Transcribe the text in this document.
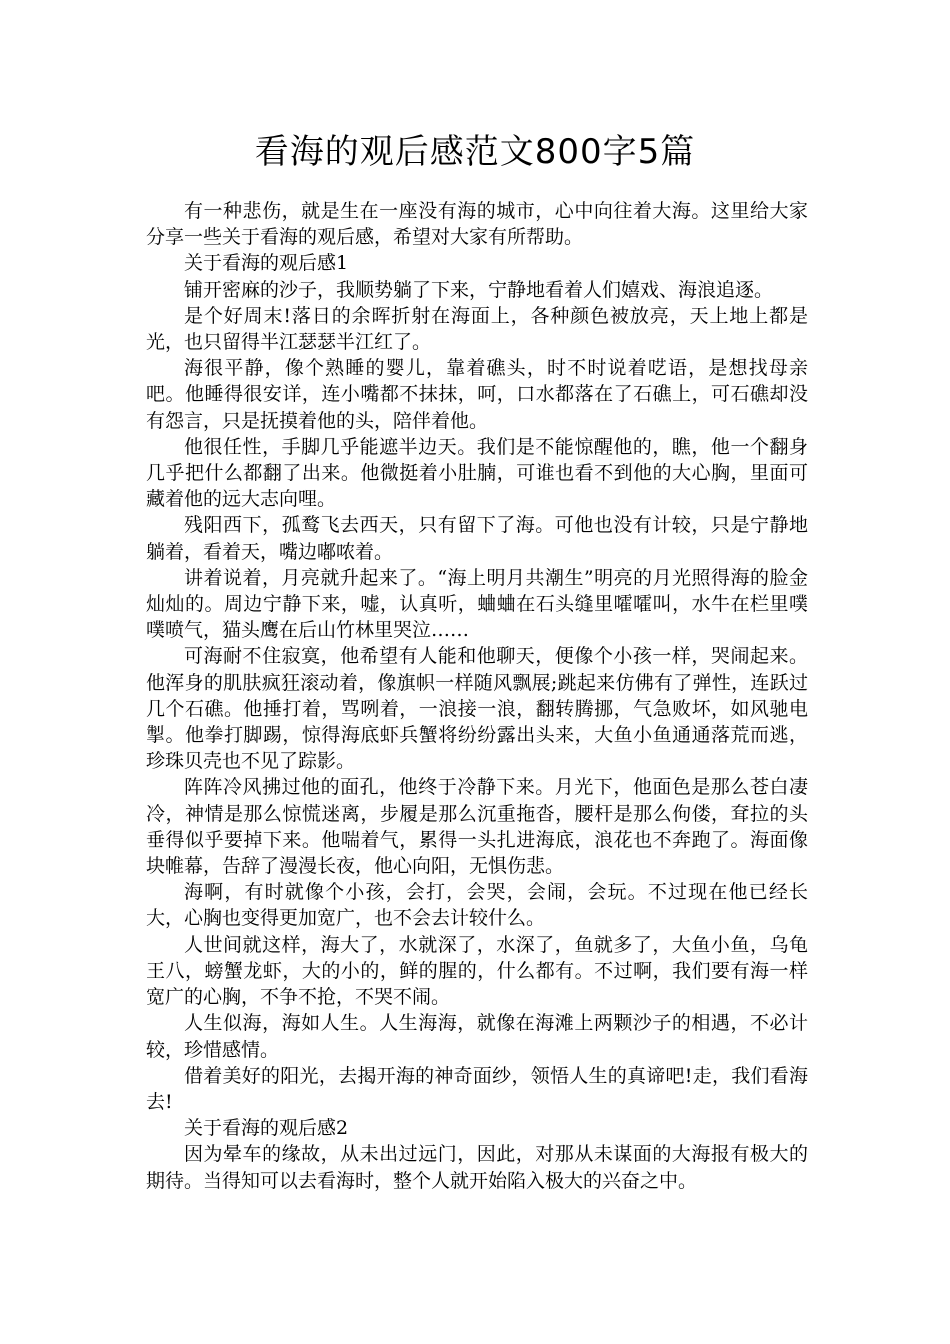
看海的观后感范文800字5篇

有一种悲伤，就是生在一座没有海的城市，心中向往着大海。这里给大家分享一些关于看海的观后感，希望对大家有所帮助。

关于看海的观后感1

铺开密麻的沙子，我顺势躺了下来，宁静地看着人们嬉戏、海浪追逐。

是个好周末!落日的余晖折射在海面上，各种颜色被放亮，天上地上都是光，也只留得半江瑟瑟半江红了。

海很平静，像个熟睡的婴儿，靠着礁头，时不时说着呓语，是想找母亲吧。他睡得很安详，连小嘴都不抹抹，呵，口水都落在了石礁上，可石礁却没有怨言，只是抚摸着他的头，陪伴着他。

他很任性，手脚几乎能遮半边天。我们是不能惊醒他的，瞧，他一个翻身几乎把什么都翻了出来。他微挺着小肚腩，可谁也看不到他的大心胸，里面可藏着他的远大志向哩。

残阳西下，孤鹜飞去西天，只有留下了海。可他也没有计较，只是宁静地躺着，看着天，嘴边嘟哝着。

讲着说着，月亮就升起来了。“海上明月共潮生”明亮的月光照得海的脸金灿灿的。周边宁静下来，嘘，认真听，蛐蛐在石头缝里嚯嚯叫，水牛在栏里噗噗喷气，猫头鹰在后山竹林里哭泣……

可海耐不住寂寞，他希望有人能和他聊天，便像个小孩一样，哭闹起来。他浑身的肌肤疯狂滚动着，像旗帜一样随风飘展;跳起来仿佛有了弹性，连跃过几个石礁。他捶打着，骂咧着，一浪接一浪，翻转腾挪，气急败坏，如风驰电掣。他拳打脚踢，惊得海底虾兵蟹将纷纷露出头来，大鱼小鱼通通落荒而逃，珍珠贝壳也不见了踪影。

阵阵冷风拂过他的面孔，他终于冷静下来。月光下，他面色是那么苍白凄冷，神情是那么惊慌迷离，步履是那么沉重拖沓，腰杆是那么佝偻，耷拉的头垂得似乎要掉下来。他喘着气，累得一头扎进海底，浪花也不奔跑了。海面像块帷幕，告辞了漫漫长夜，他心向阳，无惧伤悲。

海啊，有时就像个小孩，会打，会哭，会闹，会玩。不过现在他已经长大，心胸也变得更加宽广，也不会去计较什么。

人世间就这样，海大了，水就深了，水深了，鱼就多了，大鱼小鱼，乌龟王八，螃蟹龙虾，大的小的，鲜的腥的，什么都有。不过啊，我们要有海一样宽广的心胸，不争不抢，不哭不闹。

人生似海，海如人生。人生海海，就像在海滩上两颗沙子的相遇，不必计较，珍惜感情。

借着美好的阳光，去揭开海的神奇面纱，领悟人生的真谛吧!走，我们看海去!

关于看海的观后感2

因为晕车的缘故，从未出过远门，因此，对那从未谋面的大海报有极大的期待。当得知可以去看海时，整个人就开始陷入极大的兴奋之中。
